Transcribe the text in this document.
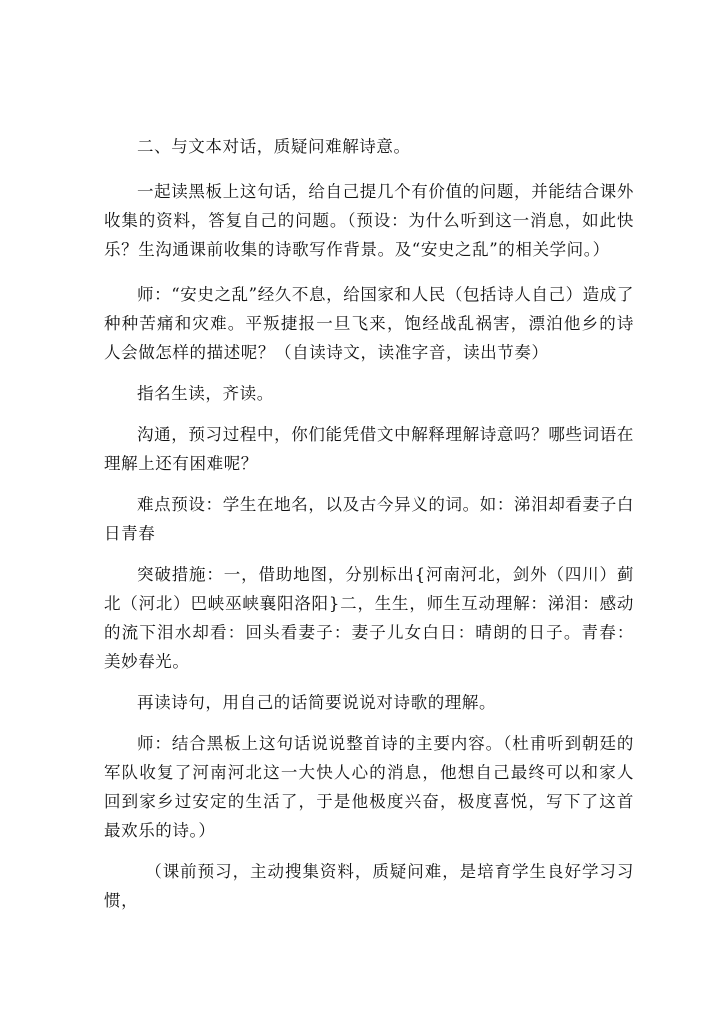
二、与文本对话，质疑问难解诗意。

一起读黑板上这句话，给自己提几个有价值的问题，并能结合课外收集的资料，答复自己的问题。（预设：为什么听到这一消息，如此快乐？生沟通课前收集的诗歌写作背景。及“安史之乱”的相关学问。）

师：“安史之乱”经久不息，给国家和人民（包括诗人自己）造成了种种苦痛和灾难。平叛捷报一旦飞来，饱经战乱祸害，漂泊他乡的诗人会做怎样的描述呢？（自读诗文，读准字音，读出节奏）

指名生读，齐读。

沟通，预习过程中，你们能凭借文中解释理解诗意吗？哪些词语在理解上还有困难呢？

难点预设：学生在地名，以及古今异义的词。如：涕泪却看妻子白日青春

突破措施：一，借助地图，分别标出{河南河北，剑外（四川）蓟北（河北）巴峡巫峡襄阳洛阳}二，生生，师生互动理解：涕泪：感动的流下泪水却看：回头看妻子：妻子儿女白日：晴朗的日子。青春：美妙春光。

再读诗句，用自己的话简要说说对诗歌的理解。

师：结合黑板上这句话说说整首诗的主要内容。（杜甫听到朝廷的军队收复了河南河北这一大快人心的消息，他想自己最终可以和家人回到家乡过安定的生活了，于是他极度兴奋，极度喜悦，写下了这首最欢乐的诗。）

（课前预习，主动搜集资料，质疑问难，是培育学生良好学习习惯，
